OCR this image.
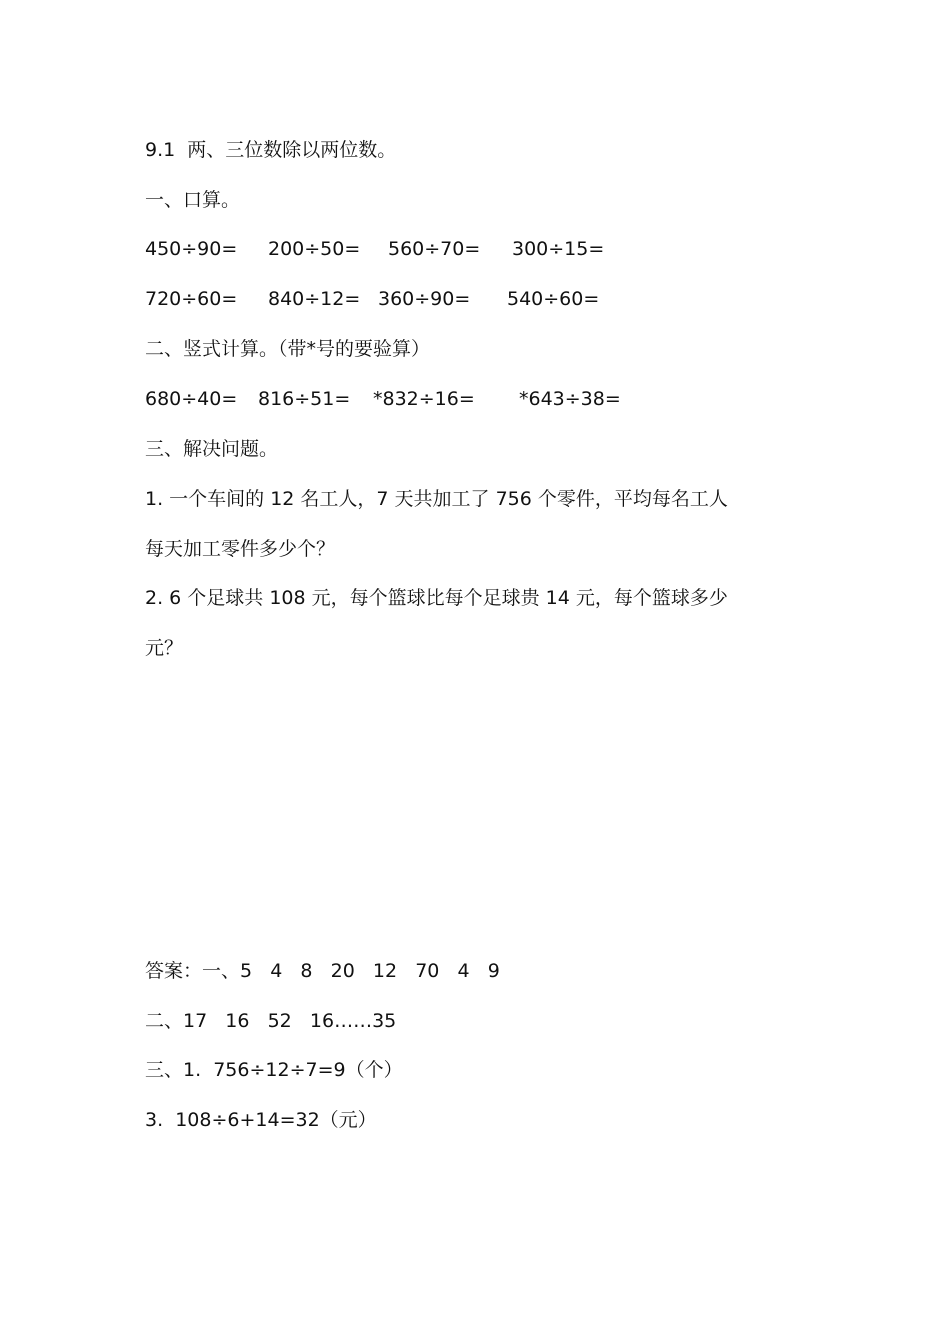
9.1  两、三位数除以两位数。
一、口算。
450÷90= 200÷50= 560÷70= 300÷15=
720÷60= 840÷12= 360÷90= 540÷60=
二、竖式计算。（带*号的要验算）
680÷40= 816÷51= *832÷16= *643÷38=
三、解决问题。
1. 一个车间的 12 名工人，7 天共加工了 756 个零件，平均每名工人
每天加工零件多少个？
2. 6 个足球共 108 元，每个篮球比每个足球贵 14 元，每个篮球多少
元？
答案：一、5   4   8   20   12   70   4   9
二、17   16   52   16……35
三、1.  756÷12÷7=9（个）
3.  108÷6+14=32（元）
